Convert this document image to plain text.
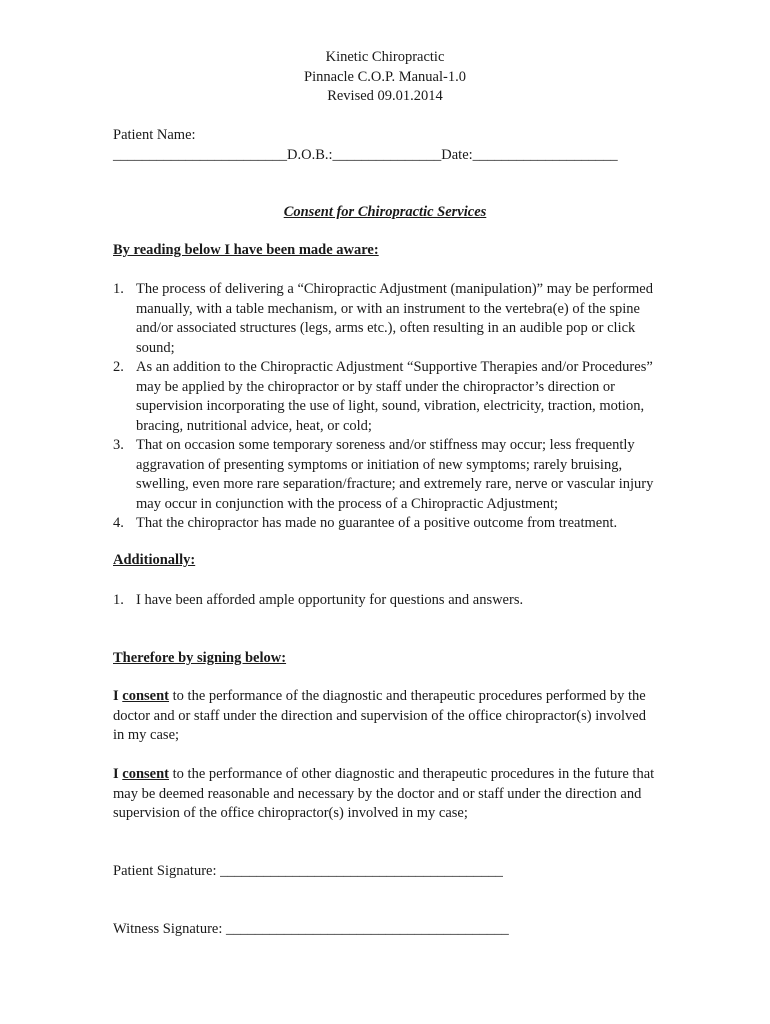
Kinetic Chiropractic
Pinnacle C.O.P. Manual-1.0
Revised 09.01.2014
Patient Name:
________________________D.O.B.:_______________Date:____________________
Consent for Chiropractic Services
By reading below I have been made aware:
1. The process of delivering a “Chiropractic Adjustment (manipulation)” may be performed manually, with a table mechanism, or with an instrument to the vertebra(e) of the spine and/or associated structures (legs, arms etc.), often resulting in an audible pop or click sound;
2. As an addition to the Chiropractic Adjustment “Supportive Therapies and/or Procedures” may be applied by the chiropractor or by staff under the chiropractor’s direction or supervision incorporating the use of light, sound, vibration, electricity, traction, motion, bracing, nutritional advice, heat, or cold;
3. That on occasion some temporary soreness and/or stiffness may occur; less frequently aggravation of presenting symptoms or initiation of new symptoms; rarely bruising, swelling, even more rare separation/fracture; and extremely rare, nerve or vascular injury may occur in conjunction with the process of a Chiropractic Adjustment;
4. That the chiropractor has made no guarantee of a positive outcome from treatment.
Additionally:
1. I have been afforded ample opportunity for questions and answers.
Therefore by signing below:
I consent to the performance of the diagnostic and therapeutic procedures performed by the doctor and or staff under the direction and supervision of the office chiropractor(s) involved in my case;
I consent to the performance of other diagnostic and therapeutic procedures in the future that may be deemed reasonable and necessary by the doctor and or staff under the direction and supervision of the office chiropractor(s) involved in my case;
Patient Signature: _______________________________________
Witness Signature: _______________________________________
